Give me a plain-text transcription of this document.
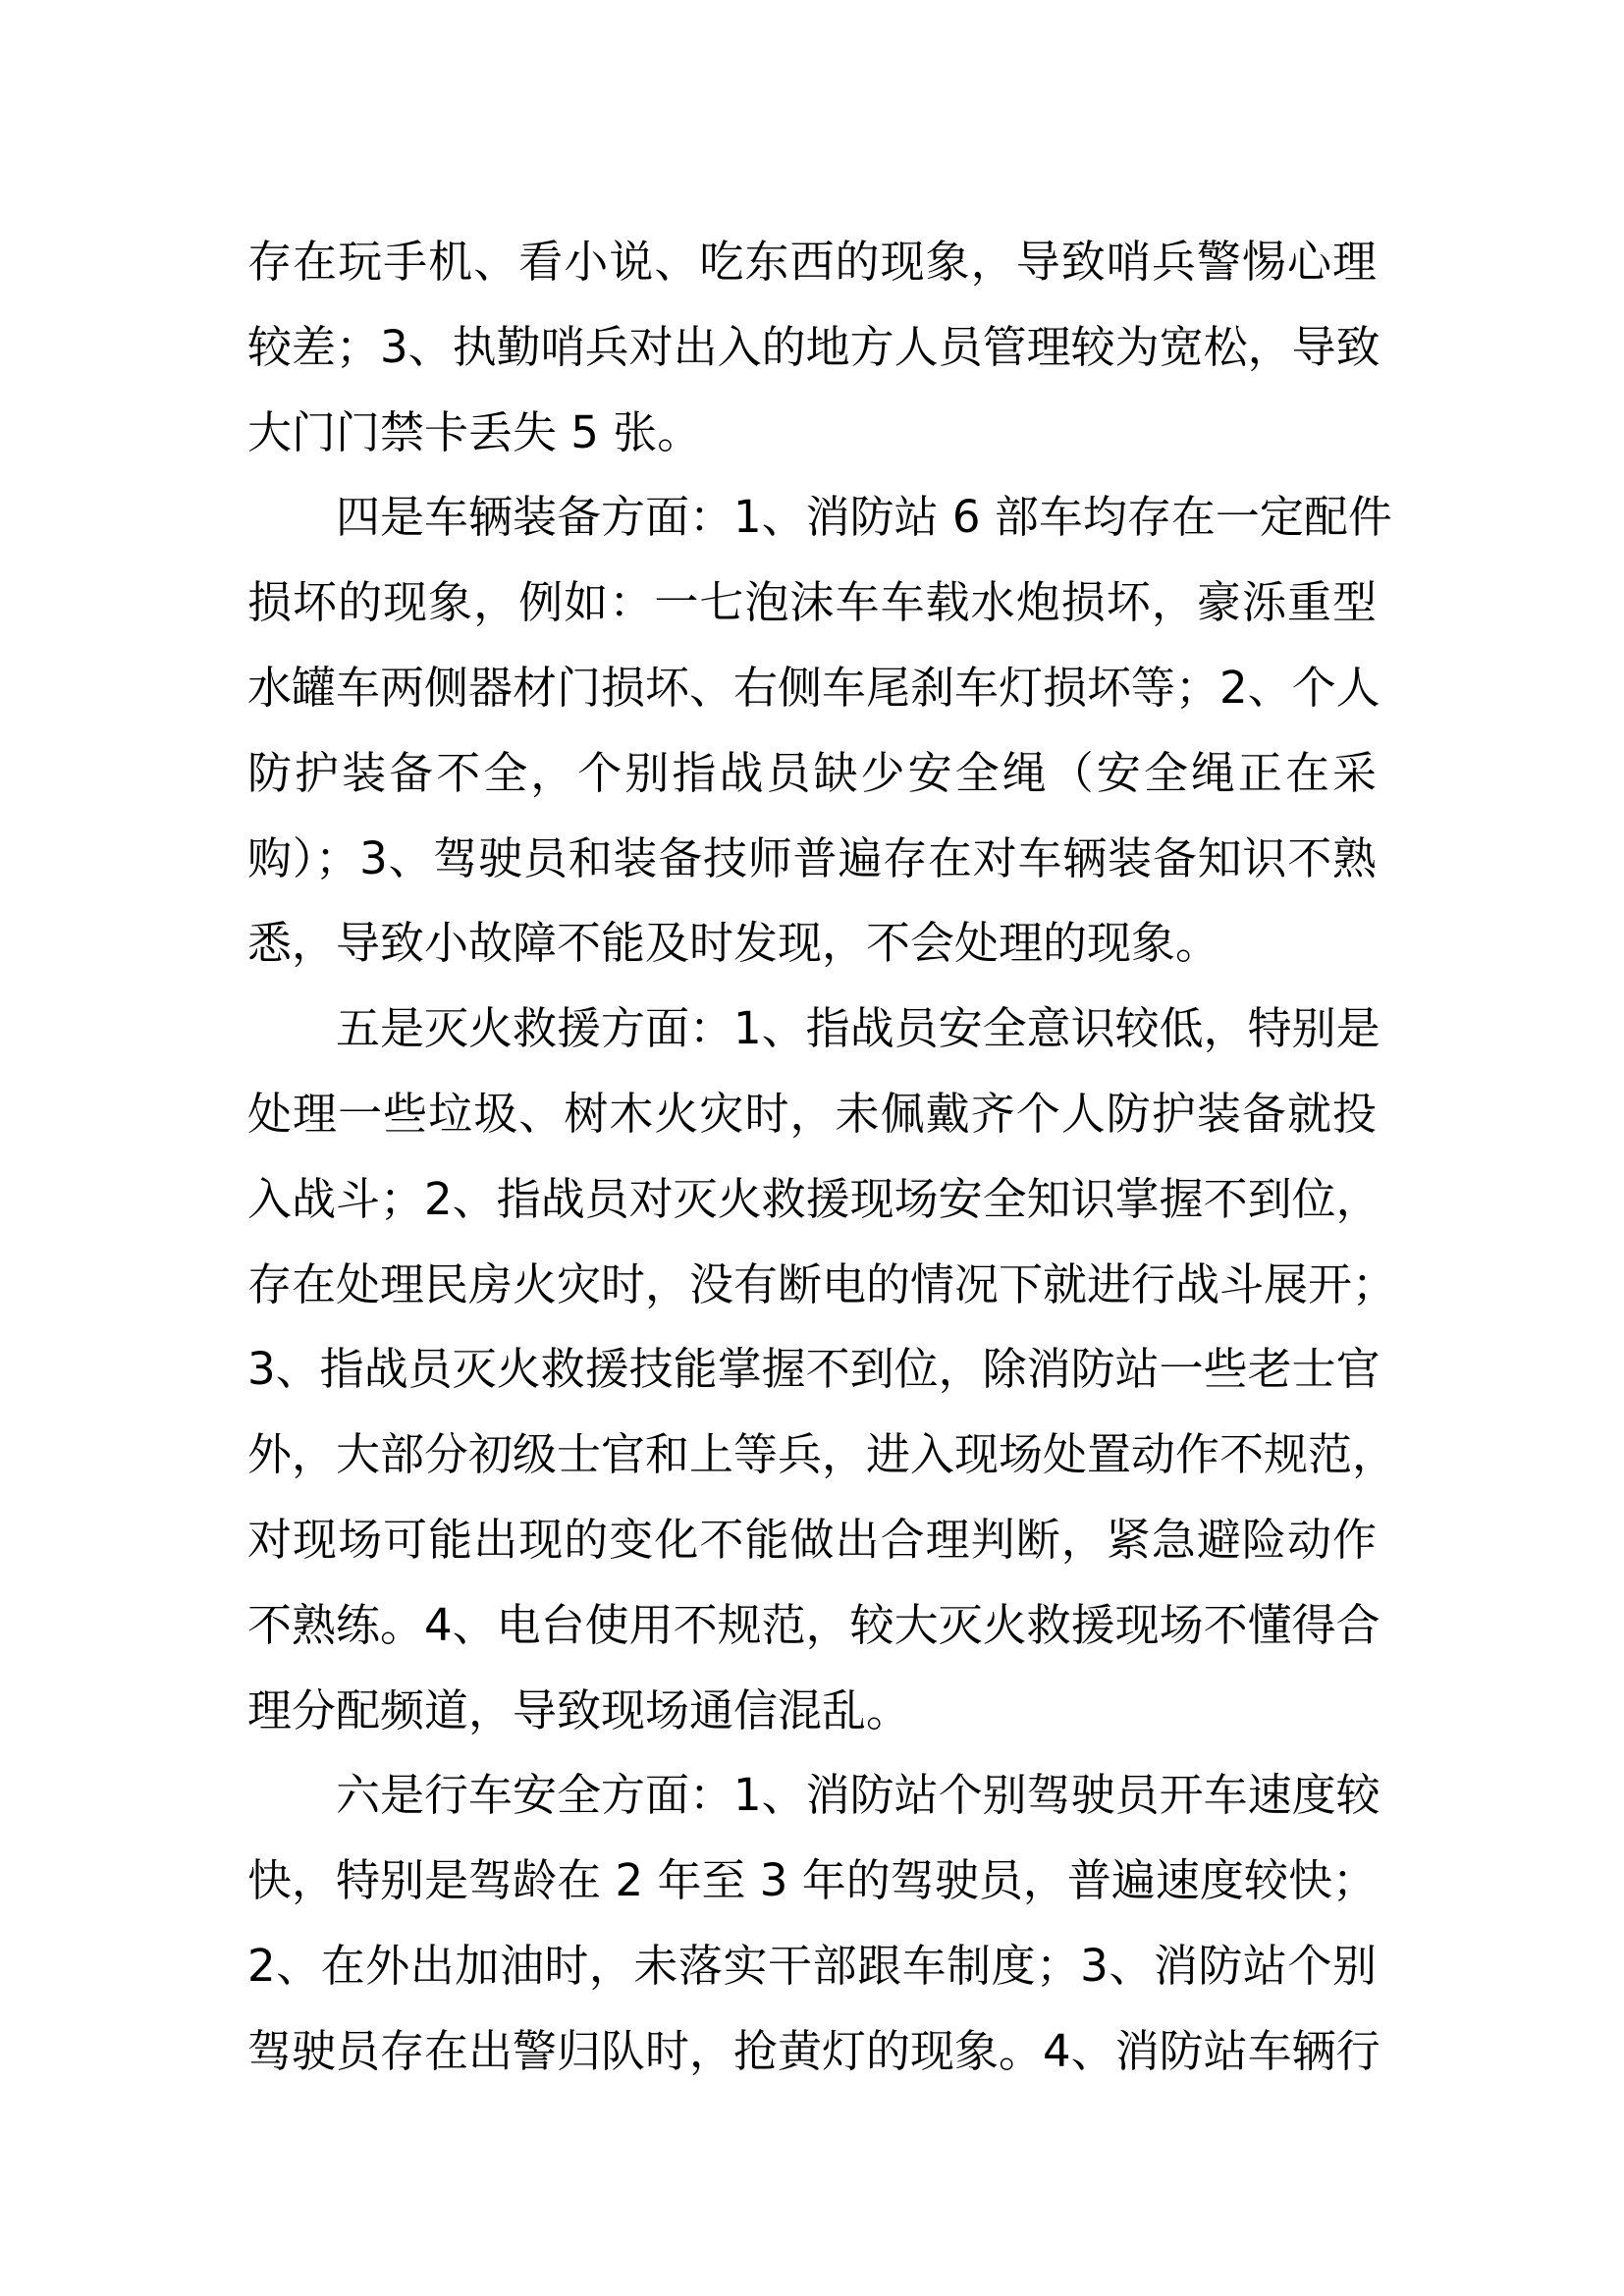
存在玩手机、看小说、吃东西的现象，导致哨兵警惕心理
较差；3、执勤哨兵对出入的地方人员管理较为宽松，导致
大门门禁卡丢失 5 张。
四是车辆装备方面：1、消防站 6 部车均存在一定配件
损坏的现象，例如：一七泡沫车车载水炮损坏，豪泺重型
水罐车两侧器材门损坏、右侧车尾刹车灯损坏等；2、个人
防护装备不全，个别指战员缺少安全绳（安全绳正在采
购）；3、驾驶员和装备技师普遍存在对车辆装备知识不熟
悉，导致小故障不能及时发现，不会处理的现象。
五是灭火救援方面：1、指战员安全意识较低，特别是
处理一些垃圾、树木火灾时，未佩戴齐个人防护装备就投
入战斗；2、指战员对灭火救援现场安全知识掌握不到位，
存在处理民房火灾时，没有断电的情况下就进行战斗展开；
3、指战员灭火救援技能掌握不到位，除消防站一些老士官
外，大部分初级士官和上等兵，进入现场处置动作不规范，
对现场可能出现的变化不能做出合理判断，紧急避险动作
不熟练。4、电台使用不规范，较大灭火救援现场不懂得合
理分配频道，导致现场通信混乱。
六是行车安全方面：1、消防站个别驾驶员开车速度较
快，特别是驾龄在 2 年至 3 年的驾驶员，普遍速度较快；
2、在外出加油时，未落实干部跟车制度；3、消防站个别
驾驶员存在出警归队时，抢黄灯的现象。4、消防站车辆行
